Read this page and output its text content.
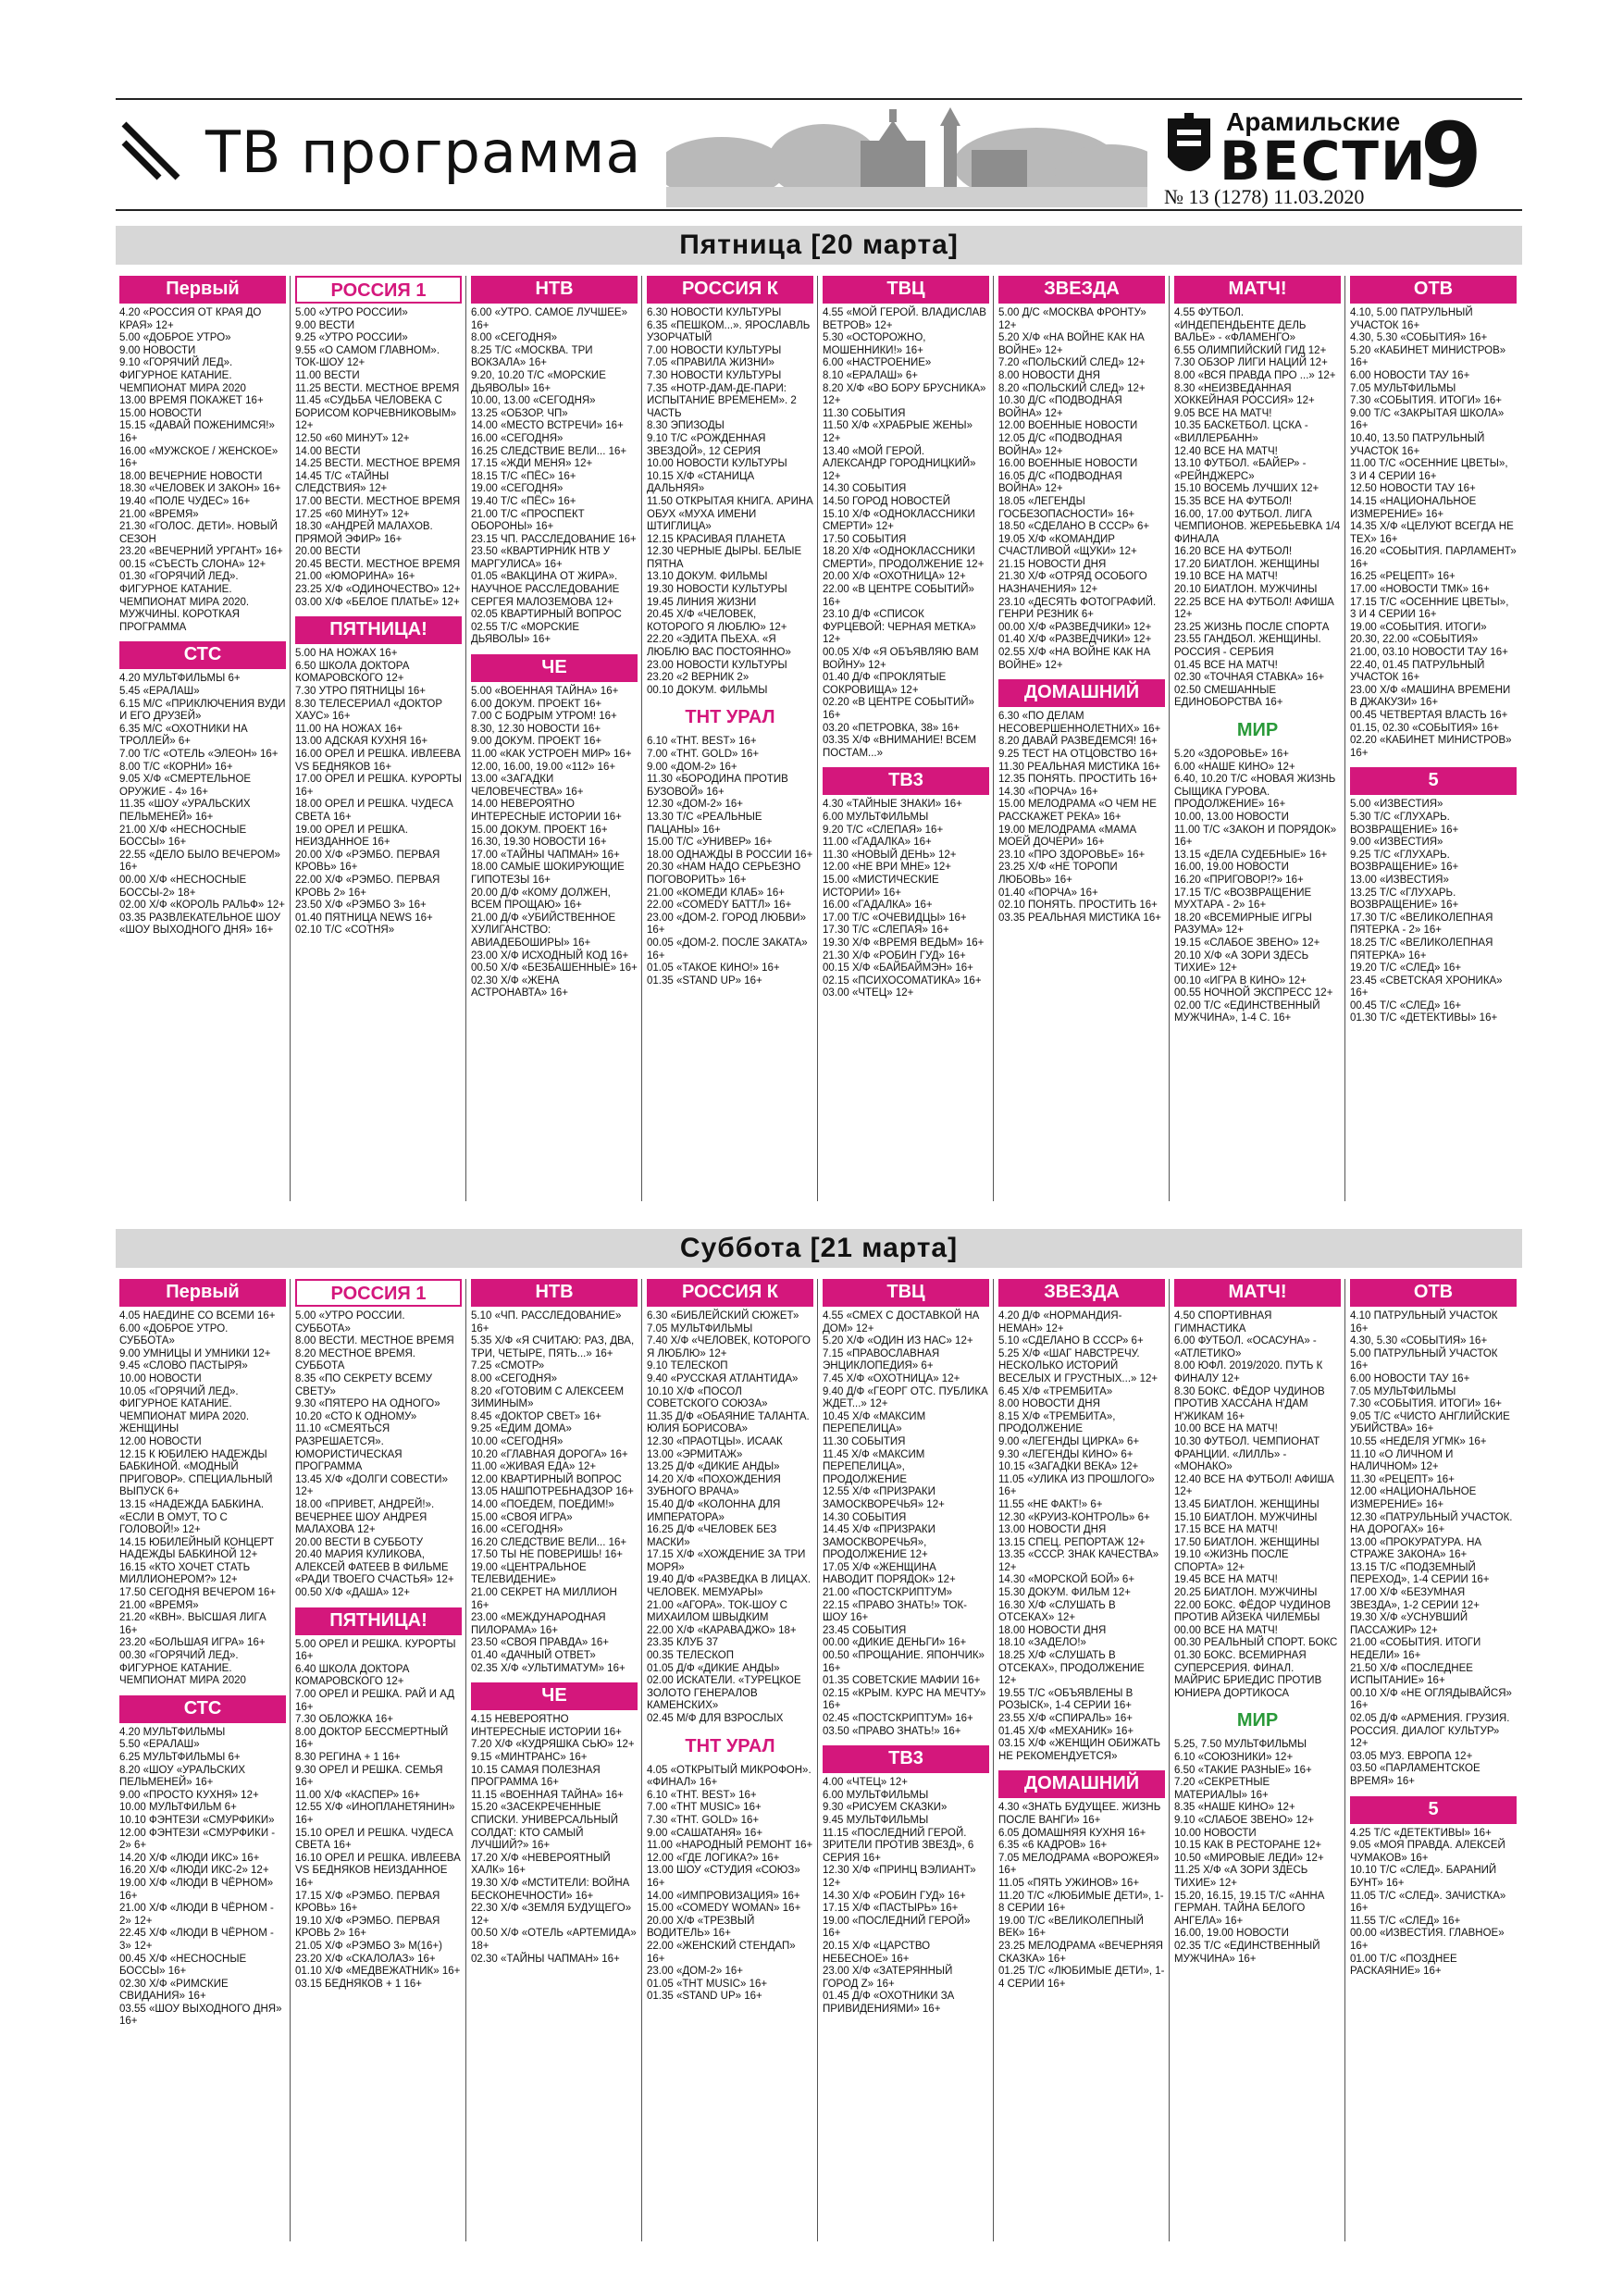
ТВ программа	Арамильские
ВЕСТИ
9
№ 13 (1278) 11.03.2020
Пятница [20 марта]
Первый
4.20 «РОССИЯ ОТ КРАЯ ДО КРАЯ» 12+
5.00 «ДОБРОЕ УТРО»
9.00 НОВОСТИ
9.10 «ГОРЯЧИЙ ЛЕД». ФИГУРНОЕ КАТАНИЕ. ЧЕМПИОНАТ МИРА 2020
13.00 ВРЕМЯ ПОКАЖЕТ 16+
15.00 НОВОСТИ
15.15 «ДАВАЙ ПОЖЕНИМСЯ!» 16+
16.00 «МУЖСКОЕ / ЖЕНСКОЕ» 16+
18.00 ВЕЧЕРНИЕ НОВОСТИ
18.30 «ЧЕЛОВЕК И ЗАКОН» 16+
19.40 «ПОЛЕ ЧУДЕС» 16+
21.00 «ВРЕМЯ»
21.30 «ГОЛОС. ДЕТИ». НОВЫЙ СЕЗОН
23.20 «ВЕЧЕРНИЙ УРГАНТ» 16+
00.15 «СЪЕСТЬ СЛОНА» 12+
01.30 «ГОРЯЧИЙ ЛЕД». ФИГУРНОЕ КАТАНИЕ. ЧЕМПИОНАТ МИРА 2020. МУЖЧИНЫ. КОРОТКАЯ ПРОГРАММА
СТС
4.20 МУЛЬТФИЛЬМЫ 6+
5.45 «ЕРАЛАШ»
6.15 М/С «ПРИКЛЮЧЕНИЯ ВУДИ И ЕГО ДРУЗЕЙ»
6.35 М/С «ОХОТНИКИ НА ТРОЛЛЕЙ» 6+
7.00 Т/С «ОТЕЛЬ «ЭЛЕОН» 16+
8.00 Т/С «КОРНИ» 16+
9.05 Х/Ф «СМЕРТЕЛЬНОЕ ОРУЖИЕ - 4» 16+
11.35 «ШОУ «УРАЛЬСКИХ ПЕЛЬМЕНЕЙ» 16+
21.00 Х/Ф «НЕСНОСНЫЕ БОССЫ» 16+
22.55 «ДЕЛО БЫЛО ВЕЧЕРОМ» 16+
00.00 Х/Ф «НЕСНОСНЫЕ БОССЫ-2» 18+
02.00 Х/Ф «КОРОЛЬ РАЛЬФ» 12+
03.35 РАЗВЛЕКАТЕЛЬНОЕ ШОУ «ШОУ ВЫХОДНОГО ДНЯ» 16+
РОССИЯ 1
5.00 «УТРО РОССИИ»
9.00 ВЕСТИ
9.25 «УТРО РОССИИ»
9.55 «О САМОМ ГЛАВНОМ». ТОК-ШОУ 12+
11.00 ВЕСТИ
11.25 ВЕСТИ. МЕСТНОЕ ВРЕМЯ
11.45 «СУДЬБА ЧЕЛОВЕКА С БОРИСОМ КОРЧЕВНИКОВЫМ» 12+
12.50 «60 МИНУТ» 12+
14.00 ВЕСТИ
14.25 ВЕСТИ. МЕСТНОЕ ВРЕМЯ
14.45 Т/С «ТАЙНЫ СЛЕДСТВИЯ» 12+
17.00 ВЕСТИ. МЕСТНОЕ ВРЕМЯ
17.25 «60 МИНУТ» 12+
18.30 «АНДРЕЙ МАЛАХОВ. ПРЯМОЙ ЭФИР» 16+
20.00 ВЕСТИ
20.45 ВЕСТИ. МЕСТНОЕ ВРЕМЯ
21.00 «ЮМОРИНА» 16+
23.25 Х/Ф «ОДИНОЧЕСТВО» 12+
03.00 Х/Ф «БЕЛОЕ ПЛАТЬЕ» 12+
ПЯТНИЦА!
5.00 НА НОЖАХ 16+
6.50 ШКОЛА ДОКТОРА КОМАРОВСКОГО 12+
7.30 УТРО ПЯТНИЦЫ 16+
8.30 ТЕЛЕСЕРИАЛ «ДОКТОР ХАУС» 16+
11.00 НА НОЖАХ 16+
13.00 АДСКАЯ КУХНЯ 16+
16.00 ОРЕЛ И РЕШКА. ИВЛЕЕВА VS БЕДНЯКОВ 16+
17.00 ОРЕЛ И РЕШКА. КУРОРТЫ 16+
18.00 ОРЕЛ И РЕШКА. ЧУДЕСА СВЕТА 16+
19.00 ОРЕЛ И РЕШКА. НЕИЗДАННОЕ 16+
20.00 Х/Ф «РЭМБО. ПЕРВАЯ КРОВЬ» 16+
22.00 Х/Ф «РЭМБО. ПЕРВАЯ КРОВЬ 2» 16+
23.50 Х/Ф «РЭМБО 3» 16+
01.40 ПЯТНИЦА NEWS 16+
02.10 Т/С «СОТНЯ»
НТВ
6.00 «УТРО. САМОЕ ЛУЧШЕЕ» 16+
8.00 «СЕГОДНЯ»
8.25 Т/С «МОСКВА. ТРИ ВОКЗАЛА» 16+
9.20, 10.20 Т/С «МОРСКИЕ ДЬЯВОЛЫ» 16+
10.00, 13.00 «СЕГОДНЯ»
13.25 «ОБЗОР. ЧП»
14.00 «МЕСТО ВСТРЕЧИ» 16+
16.00 «СЕГОДНЯ»
16.25 СЛЕДСТВИЕ ВЕЛИ... 16+
17.15 «ЖДИ МЕНЯ» 12+
18.15 Т/С «ПЁС» 16+
19.00 «СЕГОДНЯ»
19.40 Т/С «ПЁС» 16+
21.00 Т/С «ПРОСПЕКТ ОБОРОНЫ» 16+
23.15 ЧП. РАССЛЕДОВАНИЕ 16+
23.50 «КВАРТИРНИК НТВ У МАРГУЛИСА» 16+
01.05 «ВАКЦИНА ОТ ЖИРА». НАУЧНОЕ РАССЛЕДОВАНИЕ СЕРГЕЯ МАЛОЗЕМОВА 12+
02.05 КВАРТИРНЫЙ ВОПРОС
02.55 Т/С «МОРСКИЕ ДЬЯВОЛЫ» 16+
ЧЕ
5.00 «ВОЕННАЯ ТАЙНА» 16+
6.00 ДОКУМ. ПРОЕКТ 16+
7.00 С БОДРЫМ УТРОМ! 16+
8.30, 12.30 НОВОСТИ 16+
9.00 ДОКУМ. ПРОЕКТ 16+
11.00 «КАК УСТРОЕН МИР» 16+
12.00, 16.00, 19.00 «112» 16+
13.00 «ЗАГАДКИ ЧЕЛОВЕЧЕСТВА» 16+
14.00 НЕВЕРОЯТНО ИНТЕРЕСНЫЕ ИСТОРИИ 16+
15.00 ДОКУМ. ПРОЕКТ 16+
16.30, 19.30 НОВОСТИ 16+
17.00 «ТАЙНЫ ЧАПМАН» 16+
18.00 САМЫЕ ШОКИРУЮЩИЕ ГИПОТЕЗЫ 16+
20.00 Д/Ф «КОМУ ДОЛЖЕН, ВСЕМ ПРОЩАЮ» 16+
21.00 Д/Ф «УБИЙСТВЕННОЕ ХУЛИГАНСТВО: АВИАДЕБОШИРЫ» 16+
23.00 Х/Ф ИСХОДНЫЙ КОД 16+
00.50 Х/Ф «БЕЗБАШЕННЫЕ» 16+
02.30 Х/Ф «ЖЕНА АСТРОНАВТА» 16+
РОССИЯ К
6.30 НОВОСТИ КУЛЬТУРЫ
6.35 «ПЕШКОМ...». ЯРОСЛАВЛЬ УЗОРЧАТЫЙ
7.00 НОВОСТИ КУЛЬТУРЫ
7.05 «ПРАВИЛА ЖИЗНИ»
7.30 НОВОСТИ КУЛЬТУРЫ
7.35 «НОТР-ДАМ-ДЕ-ПАРИ: ИСПЫТАНИЕ ВРЕМЕНЕМ». 2 ЧАСТЬ
8.30 ЭПИЗОДЫ
9.10 Т/С «РОЖДЕННАЯ ЗВЕЗДОЙ», 12 СЕРИЯ
10.00 НОВОСТИ КУЛЬТУРЫ
10.15 Х/Ф «СТАНИЦА ДАЛЬНЯЯ»
11.50 ОТКРЫТАЯ КНИГА. АРИНА ОБУХ «МУХА ИМЕНИ ШТИГЛИЦА»
12.15 КРАСИВАЯ ПЛАНЕТА
12.30 ЧЕРНЫЕ ДЫРЫ. БЕЛЫЕ ПЯТНА
13.10 ДОКУМ. ФИЛЬМЫ
19.30 НОВОСТИ КУЛЬТУРЫ
19.45 ЛИНИЯ ЖИЗНИ
20.45 Х/Ф «ЧЕЛОВЕК, КОТОРОГО Я ЛЮБЛЮ» 12+
22.20 «ЭДИТА ПЬЕХА. «Я ЛЮБЛЮ ВАС ПОСТОЯННО»
23.00 НОВОСТИ КУЛЬТУРЫ
23.20 «2 ВЕРНИК 2»
00.10 ДОКУМ. ФИЛЬМЫ
ТНТ УРАЛ
6.10 «ТНТ. BEST» 16+
7.00 «ТНТ. GOLD» 16+
9.00 «ДОМ-2» 16+
11.30 «БОРОДИНА ПРОТИВ БУЗОВОЙ» 16+
12.30 «ДОМ-2» 16+
13.30 Т/С «РЕАЛЬНЫЕ ПАЦАНЫ» 16+
15.00 Т/С «УНИВЕР» 16+
18.00 ОДНАЖДЫ В РОССИИ 16+
20.30 «НАМ НАДО СЕРЬЕЗНО ПОГОВОРИТЬ» 16+
21.00 «КОМЕДИ КЛАБ» 16+
22.00 «COMEDY БАТТЛ» 16+
23.00 «ДОМ-2. ГОРОД ЛЮБВИ» 16+
00.05 «ДОМ-2. ПОСЛЕ ЗАКАТА» 16+
01.05 «ТАКОЕ КИНО!» 16+
01.35 «STAND UP» 16+
ТВЦ
4.55 «МОЙ ГЕРОЙ. ВЛАДИСЛАВ ВЕТРОВ» 12+
5.30 «ОСТОРОЖНО, МОШЕННИКИ!» 16+
6.00 «НАСТРОЕНИЕ»
8.10 «ЕРАЛАШ» 6+
8.20 Х/Ф «ВО БОРУ БРУСНИКА» 12+
11.30 СОБЫТИЯ
11.50 Х/Ф «ХРАБРЫЕ ЖЕНЫ» 12+
13.40 «МОЙ ГЕРОЙ. АЛЕКСАНДР ГОРОДНИЦКИЙ» 12+
14.30 СОБЫТИЯ
14.50 ГОРОД НОВОСТЕЙ
15.10 Х/Ф «ОДНОКЛАССНИКИ СМЕРТИ» 12+
17.50 СОБЫТИЯ
18.20 Х/Ф «ОДНОКЛАССНИКИ СМЕРТИ», ПРОДОЛЖЕНИЕ 12+
20.00 Х/Ф «ОХОТНИЦА» 12+
22.00 «В ЦЕНТРЕ СОБЫТИЙ» 16+
23.10 Д/Ф «СПИСОК ФУРЦЕВОЙ: ЧЕРНАЯ МЕТКА» 12+
00.05 Х/Ф «Я ОБЪЯВЛЯЮ ВАМ ВОЙНУ» 12+
01.40 Д/Ф «ПРОКЛЯТЫЕ СОКРОВИЩА» 12+
02.20 «В ЦЕНТРЕ СОБЫТИЙ» 16+
03.20 «ПЕТРОВКА, 38» 16+
03.35 Х/Ф «ВНИМАНИЕ! ВСЕМ ПОСТАМ...»
ТВ3
4.30 «ТАЙНЫЕ ЗНАКИ» 16+
6.00 МУЛЬТФИЛЬМЫ
9.20 Т/С «СЛЕПАЯ» 16+
11.00 «ГАДАЛКА» 16+
11.30 «НОВЫЙ ДЕНЬ» 12+
12.00 «НЕ ВРИ МНЕ» 12+
15.00 «МИСТИЧЕСКИЕ ИСТОРИИ» 16+
16.00 «ГАДАЛКА» 16+
17.00 Т/С «ОЧЕВИДЦЫ» 16+
17.30 Т/С «СЛЕПАЯ» 16+
19.30 Х/Ф «ВРЕМЯ ВЕДЬМ» 16+
21.30 Х/Ф «РОБИН ГУД» 16+
00.15 Х/Ф «БАЙБАЙМЭН» 16+
02.15 «ПСИХОСОМАТИКА» 16+
03.00 «ЧТЕЦ» 12+
ЗВЕЗДА
5.00 Д/С «МОСКВА ФРОНТУ» 12+
5.20 Х/Ф «НА ВОЙНЕ КАК НА ВОЙНЕ» 12+
7.20 «ПОЛЬСКИЙ СЛЕД» 12+
8.00 НОВОСТИ ДНЯ
8.20 «ПОЛЬСКИЙ СЛЕД» 12+
10.30 Д/С «ПОДВОДНАЯ ВОЙНА» 12+
12.00 ВОЕННЫЕ НОВОСТИ
12.05 Д/С «ПОДВОДНАЯ ВОЙНА» 12+
16.00 ВОЕННЫЕ НОВОСТИ
16.05 Д/С «ПОДВОДНАЯ ВОЙНА» 12+
18.05 «ЛЕГЕНДЫ ГОСБЕЗОПАСНОСТИ» 16+
18.50 «СДЕЛАНО В СССР» 6+
19.05 Х/Ф «КОМАНДИР СЧАСТЛИВОЙ «ЩУКИ» 12+
21.15 НОВОСТИ ДНЯ
21.30 Х/Ф «ОТРЯД ОСОБОГО НАЗНАЧЕНИЯ» 12+
23.10 «ДЕСЯТЬ ФОТОГРАФИЙ. ГЕНРИ РЕЗНИК 6+
00.00 Х/Ф «РАЗВЕДЧИКИ» 12+
01.40 Х/Ф «РАЗВЕДЧИКИ» 12+
02.55 Х/Ф «НА ВОЙНЕ КАК НА ВОЙНЕ» 12+
ДОМАШНИЙ
6.30 «ПО ДЕЛАМ НЕСОВЕРШЕННОЛЕТНИХ» 16+
8.20 ДАВАЙ РАЗВЕДЕМСЯ! 16+
9.25 ТЕСТ НА ОТЦОВСТВО 16+
11.30 РЕАЛЬНАЯ МИСТИКА 16+
12.35 ПОНЯТЬ. ПРОСТИТЬ 16+
14.30 «ПОРЧА» 16+
15.00 МЕЛОДРАМА «О ЧЕМ НЕ РАССКАЖЕТ РЕКА» 16+
19.00 МЕЛОДРАМА «МАМА МОЕЙ ДОЧЕРИ» 16+
23.10 «ПРО ЗДОРОВЬЕ» 16+
23.25 Х/Ф «НЕ ТОРОПИ ЛЮБОВЬ» 16+
01.40 «ПОРЧА» 16+
02.10 ПОНЯТЬ. ПРОСТИТЬ 16+
03.35 РЕАЛЬНАЯ МИСТИКА 16+
МАТЧ!
4.55 ФУТБОЛ. «ИНДЕПЕНДЬЕНТЕ ДЕЛЬ ВАЛЬЕ» - «ФЛАМЕНГО»
6.55 ОЛИМПИЙСКИЙ ГИД 12+
7.30 ОБЗОР ЛИГИ НАЦИЙ 12+
8.00 «ВСЯ ПРАВДА ПРО ...» 12+
8.30 «НЕИЗВЕДАННАЯ ХОККЕЙНАЯ РОССИЯ» 12+
9.05 ВСЕ НА МАТЧ!
10.35 БАСКЕТБОЛ. ЦСКА - «ВИЛЛЕРБАНН»
12.40 ВСЕ НА МАТЧ!
13.10 ФУТБОЛ. «БАЙЕР» - «РЕЙНДЖЕРС»
15.10 ВОСЕМЬ ЛУЧШИХ 12+
15.35 ВСЕ НА ФУТБОЛ!
16.00, 17.00 ФУТБОЛ. ЛИГА ЧЕМПИОНОВ. ЖЕРЕБЬЕВКА 1/4 ФИНАЛА
16.20 ВСЕ НА ФУТБОЛ!
17.20 БИАТЛОН. ЖЕНЩИНЫ
19.10 ВСЕ НА МАТЧ!
20.10 БИАТЛОН. МУЖЧИНЫ
22.25 ВСЕ НА ФУТБОЛ! АФИША 12+
23.25 ЖИЗНЬ ПОСЛЕ СПОРТА
23.55 ГАНДБОЛ. ЖЕНЩИНЫ. РОССИЯ - СЕРБИЯ
01.45 ВСЕ НА МАТЧ!
02.30 «ТОЧНАЯ СТАВКА» 16+
02.50 СМЕШАННЫЕ ЕДИНОБОРСТВА 16+
МИР
5.20 «ЗДОРОВЬЕ» 16+
6.00 «НАШЕ КИНО» 12+
6.40, 10.20 Т/С «НОВАЯ ЖИЗНЬ СЫЩИКА ГУРОВА. ПРОДОЛЖЕНИЕ» 16+
10.00, 13.00 НОВОСТИ
11.00 Т/С «ЗАКОН И ПОРЯДОК» 16+
13.15 «ДЕЛА СУДЕБНЫЕ» 16+
16.00, 19.00 НОВОСТИ
16.20 «ПРИГОВОР!?» 16+
17.15 Т/С «ВОЗВРАЩЕНИЕ МУХТАРА - 2» 16+
18.20 «ВСЕМИРНЫЕ ИГРЫ РАЗУМА» 12+
19.15 «СЛАБОЕ ЗВЕНО» 12+
20.10 Х/Ф «А ЗОРИ ЗДЕСЬ ТИХИЕ» 12+
00.10 «ИГРА В КИНО» 12+
00.55 НОЧНОЙ ЭКСПРЕСС 12+
02.00 Т/С «ЕДИНСТВЕННЫЙ МУЖЧИНА», 1-4 С. 16+
ОТВ
4.10, 5.00 ПАТРУЛЬНЫЙ УЧАСТОК 16+
4.30, 5.30 «СОБЫТИЯ» 16+
5.20 «КАБИНЕТ МИНИСТРОВ» 16+
6.00 НОВОСТИ ТАУ 16+
7.05 МУЛЬТФИЛЬМЫ
7.30 «СОБЫТИЯ. ИТОГИ» 16+
9.00 Т/С «ЗАКРЫТАЯ ШКОЛА» 16+
10.40, 13.50 ПАТРУЛЬНЫЙ УЧАСТОК 16+
11.00 Т/С «ОСЕННИЕ ЦВЕТЫ», 3 И 4 СЕРИИ 16+
12.50 НОВОСТИ ТАУ 16+
14.15 «НАЦИОНАЛЬНОЕ ИЗМЕРЕНИЕ» 16+
14.35 Х/Ф «ЦЕЛУЮТ ВСЕГДА НЕ ТЕХ» 16+
16.20 «СОБЫТИЯ. ПАРЛАМЕНТ» 16+
16.25 «РЕЦЕПТ» 16+
17.00 «НОВОСТИ ТМК» 16+
17.15 Т/С «ОСЕННИЕ ЦВЕТЫ», 3 И 4 СЕРИИ 16+
19.00 «СОБЫТИЯ. ИТОГИ»
20.30, 22.00 «СОБЫТИЯ»
21.00, 03.10 НОВОСТИ ТАУ 16+
22.40, 01.45 ПАТРУЛЬНЫЙ УЧАСТОК 16+
23.00 Х/Ф «МАШИНА ВРЕМЕНИ В ДЖАКУЗИ» 16+
00.45 ЧЕТВЕРТАЯ ВЛАСТЬ 16+
01.15, 02.30 «СОБЫТИЯ» 16+
02.20 «КАБИНЕТ МИНИСТРОВ» 16+
5
5.00 «ИЗВЕСТИЯ»
5.30 Т/С «ГЛУХАРЬ. ВОЗВРАЩЕНИЕ» 16+
9.00 «ИЗВЕСТИЯ»
9.25 Т/С «ГЛУХАРЬ. ВОЗВРАЩЕНИЕ» 16+
13.00 «ИЗВЕСТИЯ»
13.25 Т/С «ГЛУХАРЬ. ВОЗВРАЩЕНИЕ» 16+
17.30 Т/С «ВЕЛИКОЛЕПНАЯ ПЯТЕРКА - 2» 16+
18.25 Т/С «ВЕЛИКОЛЕПНАЯ ПЯТЕРКА» 16+
19.20 Т/С «СЛЕД» 16+
23.45 «СВЕТСКАЯ ХРОНИКА» 16+
00.45 Т/С «СЛЕД» 16+
01.30 Т/С «ДЕТЕКТИВЫ» 16+
Суббота [21 марта]
Первый
4.05 НАЕДИНЕ СО ВСЕМИ 16+
6.00 «ДОБРОЕ УТРО. СУББОТА»
9.00 УМНИЦЫ И УМНИКИ 12+
9.45 «СЛОВО ПАСТЫРЯ»
10.00 НОВОСТИ
10.05 «ГОРЯЧИЙ ЛЕД». ФИГУРНОЕ КАТАНИЕ. ЧЕМПИОНАТ МИРА 2020. ЖЕНЩИНЫ
12.00 НОВОСТИ
12.15 К ЮБИЛЕЮ НАДЕЖДЫ БАБКИНОЙ. «МОДНЫЙ ПРИГОВОР». СПЕЦИАЛЬНЫЙ ВЫПУСК 6+
13.15 «НАДЕЖДА БАБКИНА. «ЕСЛИ В ОМУТ, ТО С ГОЛОВОЙ!» 12+
14.15 ЮБИЛЕЙНЫЙ КОНЦЕРТ НАДЕЖДЫ БАБКИНОЙ 12+
16.15 «КТО ХОЧЕТ СТАТЬ МИЛЛИОНЕРОМ?» 12+
17.50 СЕГОДНЯ ВЕЧЕРОМ 16+
21.00 «ВРЕМЯ»
21.20 «КВН». ВЫСШАЯ ЛИГА 16+
23.20 «БОЛЬШАЯ ИГРА» 16+
00.30 «ГОРЯЧИЙ ЛЕД». ФИГУРНОЕ КАТАНИЕ. ЧЕМПИОНАТ МИРА 2020
СТС
4.20 МУЛЬТФИЛЬМЫ
5.50 «ЕРАЛАШ»
6.25 МУЛЬТФИЛЬМЫ 6+
8.20 «ШОУ «УРАЛЬСКИХ ПЕЛЬМЕНЕЙ» 16+
9.00 «ПРОСТО КУХНЯ» 12+
10.00 МУЛЬТФИЛЬМ 6+
10.10 ФЭНТЕЗИ «СМУРФИКИ»
12.00 ФЭНТЕЗИ «СМУРФИКИ - 2» 6+
14.20 Х/Ф «ЛЮДИ ИКС» 16+
16.20 Х/Ф «ЛЮДИ ИКС-2» 12+
19.00 Х/Ф «ЛЮДИ В ЧЁРНОМ» 16+
21.00 Х/Ф «ЛЮДИ В ЧЁРНОМ - 2» 12+
22.45 Х/Ф «ЛЮДИ В ЧЁРНОМ - 3» 12+
00.45 Х/Ф «НЕСНОСНЫЕ БОССЫ» 16+
02.30 Х/Ф «РИМСКИЕ СВИДАНИЯ» 16+
03.55 «ШОУ ВЫХОДНОГО ДНЯ» 16+
РОССИЯ 1
5.00 «УТРО РОССИИ. СУББОТА»
8.00 ВЕСТИ. МЕСТНОЕ ВРЕМЯ
8.20 МЕСТНОЕ ВРЕМЯ. СУББОТА
8.35 «ПО СЕКРЕТУ ВСЕМУ СВЕТУ»
9.30 «ПЯТЕРО НА ОДНОГО»
10.20 «СТО К ОДНОМУ»
11.10 «СМЕЯТЬСЯ РАЗРЕШАЕТСЯ». ЮМОРИСТИЧЕСКАЯ ПРОГРАММА
13.45 Х/Ф «ДОЛГИ СОВЕСТИ» 12+
18.00 «ПРИВЕТ, АНДРЕЙ!». ВЕЧЕРНЕЕ ШОУ АНДРЕЯ МАЛАХОВА 12+
20.00 ВЕСТИ В СУББОТУ
20.40 МАРИЯ КУЛИКОВА, АЛЕКСЕЙ ФАТЕЕВ В ФИЛЬМЕ «РАДИ ТВОЕГО СЧАСТЬЯ» 12+
00.50 Х/Ф «ДАША» 12+
ПЯТНИЦА!
5.00 ОРЕЛ И РЕШКА. КУРОРТЫ 16+
6.40 ШКОЛА ДОКТОРА КОМАРОВСКОГО 12+
7.00 ОРЕЛ И РЕШКА. РАЙ И АД 16+
7.30 ОБЛОЖКА 16+
8.00 ДОКТОР БЕССМЕРТНЫЙ 16+
8.30 РЕГИНА + 1 16+
9.30 ОРЕЛ И РЕШКА. СЕМЬЯ 16+
11.00 Х/Ф «КАСПЕР» 16+
12.55 Х/Ф «ИНОПЛАНЕТЯНИН» 16+
15.10 ОРЕЛ И РЕШКА. ЧУДЕСА СВЕТА 16+
16.10 ОРЕЛ И РЕШКА. ИВЛЕЕВА VS БЕДНЯКОВ НЕИЗДАННОЕ 16+
17.15 Х/Ф «РЭМБО. ПЕРВАЯ КРОВЬ» 16+
19.10 Х/Ф «РЭМБО. ПЕРВАЯ КРОВЬ 2» 16+
21.05 Х/Ф «РЭМБО 3» М(16+)
23.20 Х/Ф «СКАЛОЛАЗ» 16+
01.10 Х/Ф «МЕДВЕЖАТНИК» 16+
03.15 БЕДНЯКОВ + 1 16+
НТВ
5.10 «ЧП. РАССЛЕДОВАНИЕ» 16+
5.35 Х/Ф «Я СЧИТАЮ: РАЗ, ДВА, ТРИ, ЧЕТЫРЕ, ПЯТЬ...» 16+
7.25 «СМОТР»
8.00 «СЕГОДНЯ»
8.20 «ГОТОВИМ С АЛЕКСЕЕМ ЗИМИНЫМ»
8.45 «ДОКТОР СВЕТ» 16+
9.25 «ЕДИМ ДОМА»
10.00 «СЕГОДНЯ»
10.20 «ГЛАВНАЯ ДОРОГА» 16+
11.00 «ЖИВАЯ ЕДА» 12+
12.00 КВАРТИРНЫЙ ВОПРОС
13.05 НАШПОТРЕБНАДЗОР 16+
14.00 «ПОЕДЕМ, ПОЕДИМ!»
15.00 «СВОЯ ИГРА»
16.00 «СЕГОДНЯ»
16.20 СЛЕДСТВИЕ ВЕЛИ... 16+
17.50 ТЫ НЕ ПОВЕРИШЬ! 16+
19.00 «ЦЕНТРАЛЬНОЕ ТЕЛЕВИДЕНИЕ»
21.00 СЕКРЕТ НА МИЛЛИОН 16+
23.00 «МЕЖДУНАРОДНАЯ ПИЛОРАМА» 16+
23.50 «СВОЯ ПРАВДА» 16+
01.40 «ДАЧНЫЙ ОТВЕТ»
02.35 Х/Ф «УЛЬТИМАТУМ» 16+
ЧЕ
4.15 НЕВЕРОЯТНО ИНТЕРЕСНЫЕ ИСТОРИИ 16+
7.20 Х/Ф «КУДРЯШКА СЬЮ» 12+
9.15 «МИНТРАНС» 16+
10.15 САМАЯ ПОЛЕЗНАЯ ПРОГРАММА 16+
11.15 «ВОЕННАЯ ТАЙНА» 16+
15.20 «ЗАСЕКРЕЧЕННЫЕ СПИСКИ. УНИВЕРСАЛЬНЫЙ СОЛДАТ: КТО САМЫЙ ЛУЧШИЙ?» 16+
17.20 Х/Ф «НЕВЕРОЯТНЫЙ ХАЛК» 16+
19.30 Х/Ф «МСТИТЕЛИ: ВОЙНА БЕСКОНЕЧНОСТИ» 16+
22.30 Х/Ф «ЗЕМЛЯ БУДУЩЕГО» 12+
00.50 Х/Ф «ОТЕЛЬ «АРТЕМИДА» 18+
02.30 «ТАЙНЫ ЧАПМАН» 16+
РОССИЯ К
6.30 «БИБЛЕЙСКИЙ СЮЖЕТ»
7.05 МУЛЬТФИЛЬМЫ
7.40 Х/Ф «ЧЕЛОВЕК, КОТОРОГО Я ЛЮБЛЮ» 12+
9.10 ТЕЛЕСКОП
9.40 «РУССКАЯ АТЛАНТИДА»
10.10 Х/Ф «ПОСОЛ СОВЕТСКОГО СОЮЗА»
11.35 Д/Ф «ОБАЯНИЕ ТАЛАНТА. ЮЛИЯ БОРИСОВА»
12.30 «ПРАОТЦЫ». ИСААК
13.00 «ЭРМИТАЖ»
13.25 Д/Ф «ДИКИЕ АНДЫ»
14.20 Х/Ф «ПОХОЖДЕНИЯ ЗУБНОГО ВРАЧА»
15.40 Д/Ф «КОЛОННА ДЛЯ ИМПЕРАТОРА»
16.25 Д/Ф «ЧЕЛОВЕК БЕЗ МАСКИ»
17.15 Х/Ф «ХОЖДЕНИЕ ЗА ТРИ МОРЯ»
19.40 Д/Ф «РАЗВЕДКА В ЛИЦАХ. ЧЕЛОВЕК. МЕМУАРЫ»
21.00 «АГОРА». ТОК-ШОУ С МИХАИЛОМ ШВЫДКИМ
22.00 Х/Ф «КАРАВАДЖО» 18+
23.35 КЛУБ 37
00.35 ТЕЛЕСКОП
01.05 Д/Ф «ДИКИЕ АНДЫ»
02.00 ИСКАТЕЛИ. «ТУРЕЦКОЕ ЗОЛОТО ГЕНЕРАЛОВ КАМЕНСКИХ»
02.45 М/Ф ДЛЯ ВЗРОСЛЫХ
ТНТ УРАЛ
4.05 «ОТКРЫТЫЙ МИКРОФОН». «ФИНАЛ» 16+
6.10 «ТНТ. BEST» 16+
7.00 «ТНТ MUSIC» 16+
7.30 «ТНТ. GOLD» 16+
9.00 «САШАТАНЯ» 16+
11.00 «НАРОДНЫЙ РЕМОНТ 16+
12.00 «ГДЕ ЛОГИКА?» 16+
13.00 ШОУ «СТУДИЯ «СОЮЗ» 16+
14.00 «ИМПРОВИЗАЦИЯ» 16+
15.00 «COMEDY WOMAN» 16+
20.00 Х/Ф «ТРЕЗВЫЙ ВОДИТЕЛЬ» 16+
22.00 «ЖЕНСКИЙ СТЕНДАП» 16+
23.00 «ДОМ-2» 16+
01.05 «ТНТ MUSIC» 16+
01.35 «STAND UP» 16+
ТВЦ
4.55 «СМЕХ С ДОСТАВКОЙ НА ДОМ» 12+
5.20 Х/Ф «ОДИН ИЗ НАС» 12+
7.15 «ПРАВОСЛАВНАЯ ЭНЦИКЛОПЕДИЯ» 6+
7.45 Х/Ф «ОХОТНИЦА» 12+
9.40 Д/Ф «ГЕОРГ ОТС. ПУБЛИКА ЖДЕТ...» 12+
10.45 Х/Ф «МАКСИМ ПЕРЕПЕЛИЦА»
11.30 СОБЫТИЯ
11.45 Х/Ф «МАКСИМ ПЕРЕПЕЛИЦА», ПРОДОЛЖЕНИЕ
12.55 Х/Ф «ПРИЗРАКИ ЗАМОСКВОРЕЧЬЯ» 12+
14.30 СОБЫТИЯ
14.45 Х/Ф «ПРИЗРАКИ ЗАМОСКВОРЕЧЬЯ», ПРОДОЛЖЕНИЕ 12+
17.05 Х/Ф «ЖЕНЩИНА НАВОДИТ ПОРЯДОК» 12+
21.00 «ПОСТСКРИПТУМ»
22.15 «ПРАВО ЗНАТЬ!» ТОК-ШОУ 16+
23.45 СОБЫТИЯ
00.00 «ДИКИЕ ДЕНЬГИ» 16+
00.50 «ПРОЩАНИЕ. ЯПОНЧИК» 16+
01.35 СОВЕТСКИЕ МАФИИ 16+
02.15 «КРЫМ. КУРС НА МЕЧТУ» 16+
02.45 «ПОСТСКРИПТУМ» 16+
03.50 «ПРАВО ЗНАТЬ!» 16+
ТВ3
4.00 «ЧТЕЦ» 12+
6.00 МУЛЬТФИЛЬМЫ
9.30 «РИСУЕМ СКАЗКИ»
9.45 МУЛЬТФИЛЬМЫ
11.15 «ПОСЛЕДНИЙ ГЕРОЙ. ЗРИТЕЛИ ПРОТИВ ЗВЕЗД», 6 СЕРИЯ 16+
12.30 Х/Ф «ПРИНЦ ВЭЛИАНТ» 12+
14.30 Х/Ф «РОБИН ГУД» 16+
17.15 Х/Ф «ПАСТЫРЬ» 16+
19.00 «ПОСЛЕДНИЙ ГЕРОЙ» 16+
20.15 Х/Ф «ЦАРСТВО НЕБЕСНОЕ» 16+
23.00 Х/Ф «ЗАТЕРЯННЫЙ ГОРОД Z» 16+
01.45 Д/Ф «ОХОТНИКИ ЗА ПРИВИДЕНИЯМИ» 16+
ЗВЕЗДА
4.20 Д/Ф «НОРМАНДИЯ-НЕМАН» 12+
5.10 «СДЕЛАНО В СССР» 6+
5.25 Х/Ф «ШАГ НАВСТРЕЧУ. НЕСКОЛЬКО ИСТОРИЙ ВЕСЕЛЫХ И ГРУСТНЫХ...» 12+
6.45 Х/Ф «ТРЕМБИТА»
8.00 НОВОСТИ ДНЯ
8.15 Х/Ф «ТРЕМБИТА», ПРОДОЛЖЕНИЕ
9.00 «ЛЕГЕНДЫ ЦИРКА» 6+
9.30 «ЛЕГЕНДЫ КИНО» 6+
10.15 «ЗАГАДКИ ВЕКА» 12+
11.05 «УЛИКА ИЗ ПРОШЛОГО» 16+
11.55 «НЕ ФАКТ!» 6+
12.30 «КРУИЗ-КОНТРОЛЬ» 6+
13.00 НОВОСТИ ДНЯ
13.15 СПЕЦ. РЕПОРТАЖ 12+
13.35 «СССР. ЗНАК КАЧЕСТВА» 12+
14.30 «МОРСКОЙ БОЙ» 6+
15.30 ДОКУМ. ФИЛЬМ 12+
16.30 Х/Ф «СЛУШАТЬ В ОТСЕКАХ» 12+
18.00 НОВОСТИ ДНЯ
18.10 «ЗАДЕЛО!»
18.25 Х/Ф «СЛУШАТЬ В ОТСЕКАХ», ПРОДОЛЖЕНИЕ 12+
19.55 Т/С «ОБЪЯВЛЕНЫ В РОЗЫСК», 1-4 СЕРИИ 16+
23.55 Х/Ф «СПИРАЛЬ» 16+
01.45 Х/Ф «МЕХАНИК» 16+
03.15 Х/Ф «ЖЕНЩИН ОБИЖАТЬ НЕ РЕКОМЕНДУЕТСЯ»
ДОМАШНИЙ
4.30 «ЗНАТЬ БУДУЩЕЕ. ЖИЗНЬ ПОСЛЕ ВАНГИ» 16+
6.05 ДОМАШНЯЯ КУХНЯ 16+
6.35 «6 КАДРОВ» 16+
7.05 МЕЛОДРАМА «ВОРОЖЕЯ» 16+
11.05 «ПЯТЬ УЖИНОВ» 16+
11.20 Т/С «ЛЮБИМЫЕ ДЕТИ», 1-8 СЕРИИ 16+
19.00 Т/С «ВЕЛИКОЛЕПНЫЙ ВЕК» 16+
23.25 МЕЛОДРАМА «ВЕЧЕРНЯЯ СКАЗКА» 16+
01.25 Т/С «ЛЮБИМЫЕ ДЕТИ», 1-4 СЕРИИ 16+
МАТЧ!
4.50 СПОРТИВНАЯ ГИМНАСТИКА
6.00 ФУТБОЛ. «ОСАСУНА» - «АТЛЕТИКО»
8.00 ЮФЛ. 2019/2020. ПУТЬ К ФИНАЛУ 12+
8.30 БОКС. ФЁДОР ЧУДИНОВ ПРОТИВ ХАССАНА Н'ДАМ Н'ЖИКАМ 16+
10.00 ВСЕ НА МАТЧ!
10.30 ФУТБОЛ. ЧЕМПИОНАТ ФРАНЦИИ. «ЛИЛЛЬ» - «МОНАКО»
12.40 ВСЕ НА ФУТБОЛ! АФИША 12+
13.45 БИАТЛОН. ЖЕНЩИНЫ
15.10 БИАТЛОН. МУЖЧИНЫ
17.15 ВСЕ НА МАТЧ!
17.50 БИАТЛОН. ЖЕНЩИНЫ
19.10 «ЖИЗНЬ ПОСЛЕ СПОРТА» 12+
19.45 ВСЕ НА МАТЧ!
20.25 БИАТЛОН. МУЖЧИНЫ
22.00 БОКС. ФЁДОР ЧУДИНОВ ПРОТИВ АЙЗЕКА ЧИЛЕМБЫ
00.00 ВСЕ НА МАТЧ!
00.30 РЕАЛЬНЫЙ СПОРТ. БОКС
01.30 БОКС. ВСЕМИРНАЯ СУПЕРСЕРИЯ. ФИНАЛ. МАЙРИС БРИЕДИС ПРОТИВ ЮНИЕРА ДОРТИКОСА
МИР
5.25, 7.50 МУЛЬТФИЛЬМЫ
6.10 «СОЮЗНИКИ» 12+
6.50 «ТАКИЕ РАЗНЫЕ» 16+
7.20 «СЕКРЕТНЫЕ МАТЕРИАЛЫ» 16+
8.35 «НАШЕ КИНО» 12+
9.10 «СЛАБОЕ ЗВЕНО» 12+
10.00 НОВОСТИ
10.15 КАК В РЕСТОРАНЕ 12+
10.50 «МИРОВЫЕ ЛЕДИ» 12+
11.25 Х/Ф «А ЗОРИ ЗДЕСЬ ТИХИЕ» 12+
15.20, 16.15, 19.15 Т/С «АННА ГЕРМАН. ТАЙНА БЕЛОГО АНГЕЛА» 16+
16.00, 19.00 НОВОСТИ
02.35 Т/С «ЕДИНСТВЕННЫЙ МУЖЧИНА» 16+
ОТВ
4.10 ПАТРУЛЬНЫЙ УЧАСТОК 16+
4.30, 5.30 «СОБЫТИЯ» 16+
5.00 ПАТРУЛЬНЫЙ УЧАСТОК 16+
6.00 НОВОСТИ ТАУ 16+
7.05 МУЛЬТФИЛЬМЫ
7.30 «СОБЫТИЯ. ИТОГИ» 16+
9.05 Т/С «ЧИСТО АНГЛИЙСКИЕ УБИЙСТВА» 16+
10.55 «НЕДЕЛЯ УГМК» 16+
11.10 «О ЛИЧНОМ И НАЛИЧНОМ» 12+
11.30 «РЕЦЕПТ» 16+
12.00 «НАЦИОНАЛЬНОЕ ИЗМЕРЕНИЕ» 16+
12.30 «ПАТРУЛЬНЫЙ УЧАСТОК. НА ДОРОГАХ» 16+
13.00 «ПРОКУРАТУРА. НА СТРАЖЕ ЗАКОНА» 16+
13.15 Т/С «ПОДЗЕМНЫЙ ПЕРЕХОД», 1-4 СЕРИИ 16+
17.00 Х/Ф «БЕЗУМНАЯ ЗВЕЗДА», 1-2 СЕРИИ 12+
19.30 Х/Ф «УСНУВШИЙ ПАССАЖИР» 12+
21.00 «СОБЫТИЯ. ИТОГИ НЕДЕЛИ» 16+
21.50 Х/Ф «ПОСЛЕДНЕЕ ИСПЫТАНИЕ» 16+
00.10 Х/Ф «НЕ ОГЛЯДЫВАЙСЯ» 16+
02.05 Д/Ф «АРМЕНИЯ. ГРУЗИЯ. РОССИЯ. ДИАЛОГ КУЛЬТУР» 12+
03.05 МУЗ. ЕВРОПА 12+
03.50 «ПАРЛАМЕНТСКОЕ ВРЕМЯ» 16+
5
4.25 Т/С «ДЕТЕКТИВЫ» 16+
9.05 «МОЯ ПРАВДА. АЛЕКСЕЙ ЧУМАКОВ» 16+
10.10 Т/С «СЛЕД». БАРАНИЙ БУНТ» 16+
11.05 Т/С «СЛЕД». ЗАЧИСТКА» 16+
11.55 Т/С «СЛЕД» 16+
00.00 «ИЗВЕСТИЯ. ГЛАВНОЕ» 16+
01.00 Т/С «ПОЗДНЕЕ РАСКАЯНИЕ» 16+
